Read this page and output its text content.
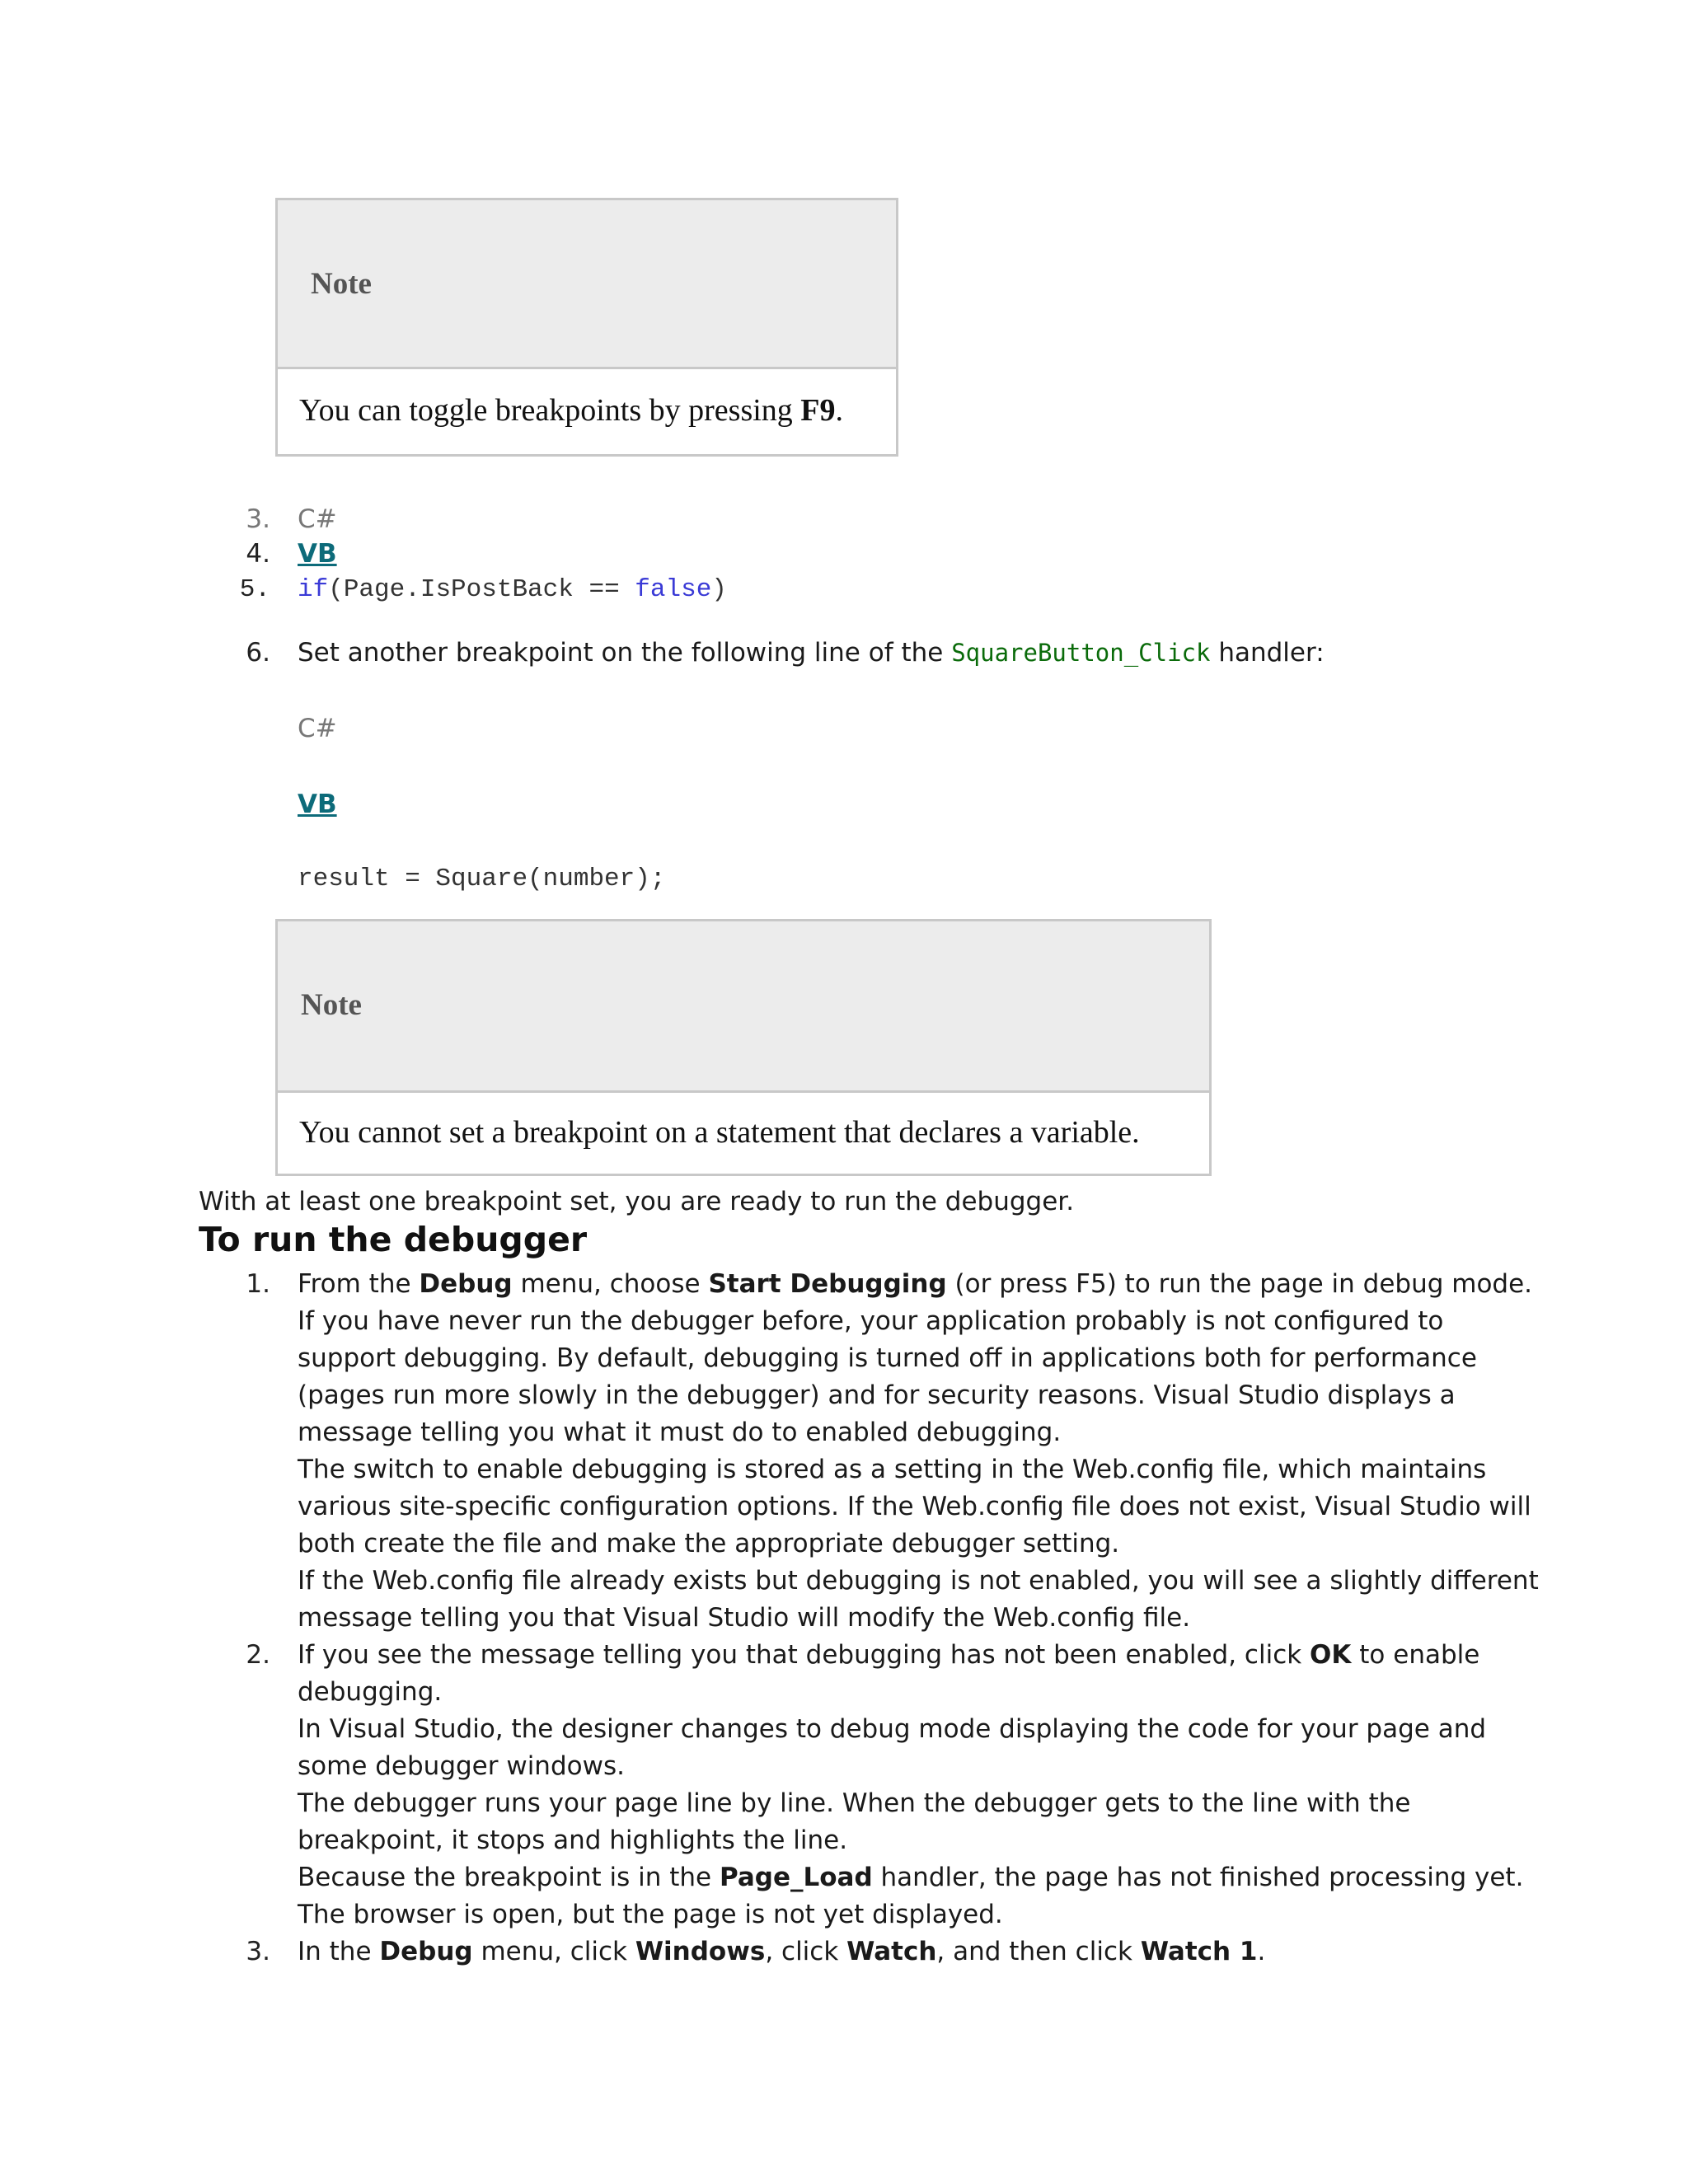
Note
You can toggle breakpoints by pressing F9.
3. C#
4. VB
5. if(Page.IsPostBack == false)
6. Set another breakpoint on the following line of the SquareButton_Click handler:
C#
VB
result = Square(number);
Note
You cannot set a breakpoint on a statement that declares a variable.
With at least one breakpoint set, you are ready to run the debugger.
To run the debugger
1. From the Debug menu, choose Start Debugging (or press F5) to run the page in debug mode.
If you have never run the debugger before, your application probably is not configured to
support debugging. By default, debugging is turned off in applications both for performance
(pages run more slowly in the debugger) and for security reasons. Visual Studio displays a
message telling you what it must do to enabled debugging.
The switch to enable debugging is stored as a setting in the Web.config file, which maintains
various site-specific configuration options. If the Web.config file does not exist, Visual Studio will
both create the file and make the appropriate debugger setting.
If the Web.config file already exists but debugging is not enabled, you will see a slightly different
message telling you that Visual Studio will modify the Web.config file.
2. If you see the message telling you that debugging has not been enabled, click OK to enable
debugging.
In Visual Studio, the designer changes to debug mode displaying the code for your page and
some debugger windows.
The debugger runs your page line by line. When the debugger gets to the line with the
breakpoint, it stops and highlights the line.
Because the breakpoint is in the Page_Load handler, the page has not finished processing yet.
The browser is open, but the page is not yet displayed.
3. In the Debug menu, click Windows, click Watch, and then click Watch 1.
